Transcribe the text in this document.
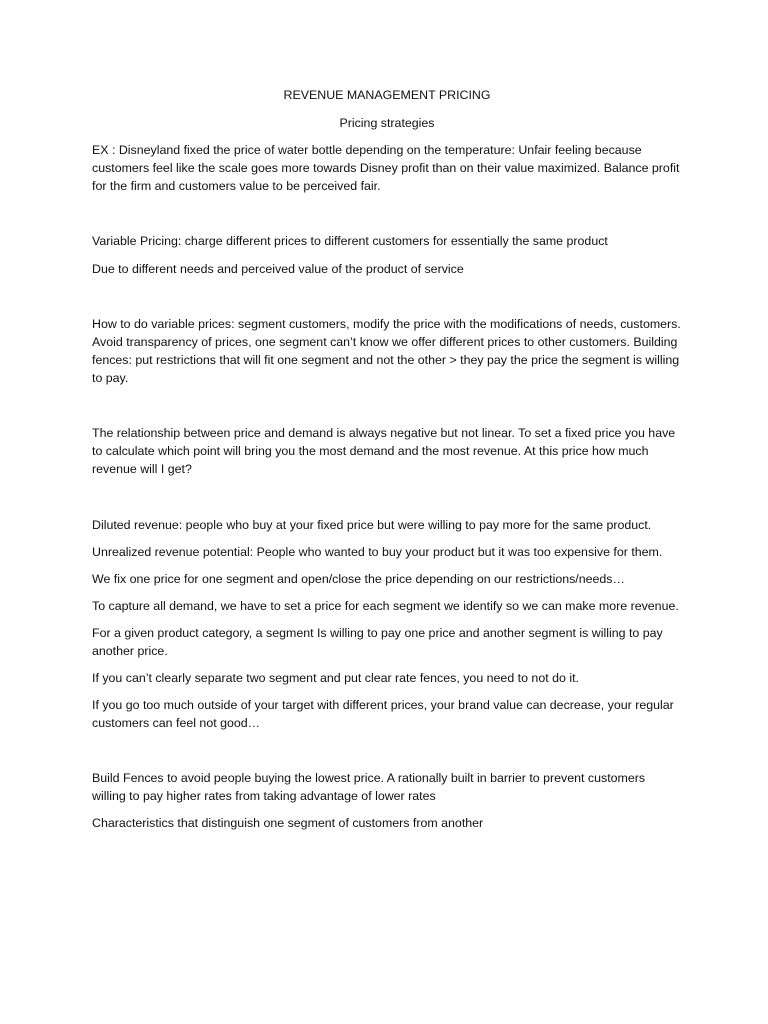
REVENUE MANAGEMENT PRICING
Pricing strategies
EX : Disneyland fixed the price of water bottle depending on the temperature: Unfair feeling because customers feel like the scale goes more towards Disney profit than on their value maximized. Balance profit for the firm and customers value to be perceived fair.
Variable Pricing: charge different prices to different customers for essentially the same product
Due to different needs and perceived value of the product of service
How to do variable prices: segment customers, modify the price with the modifications of needs, customers. Avoid transparency of prices, one segment can’t know we offer different prices to other customers. Building fences: put restrictions that will fit one segment and not the other > they pay the price the segment is willing to pay.
The relationship between price and demand is always negative but not linear. To set a fixed price you have to calculate which point will bring you the most demand and the most revenue. At this price how much revenue will I get?
Diluted revenue: people who buy at your fixed price but were willing to pay more for the same product.
Unrealized revenue potential: People who wanted to buy your product but it was too expensive for them.
We fix one price for one segment and open/close the price depending on our restrictions/needs…
To capture all demand, we have to set a price for each segment we identify so we can make more revenue.
For a given product category, a segment Is willing to pay one price and another segment is willing to pay another price.
If you can’t clearly separate two segment and put clear rate fences, you need to not do it.
If you go too much outside of your target with different prices, your brand value can decrease, your regular customers can feel not good…
Build Fences to avoid people buying the lowest price. A rationally built in barrier to prevent customers willing to pay higher rates from taking advantage of lower rates
Characteristics that distinguish one segment of customers from another
